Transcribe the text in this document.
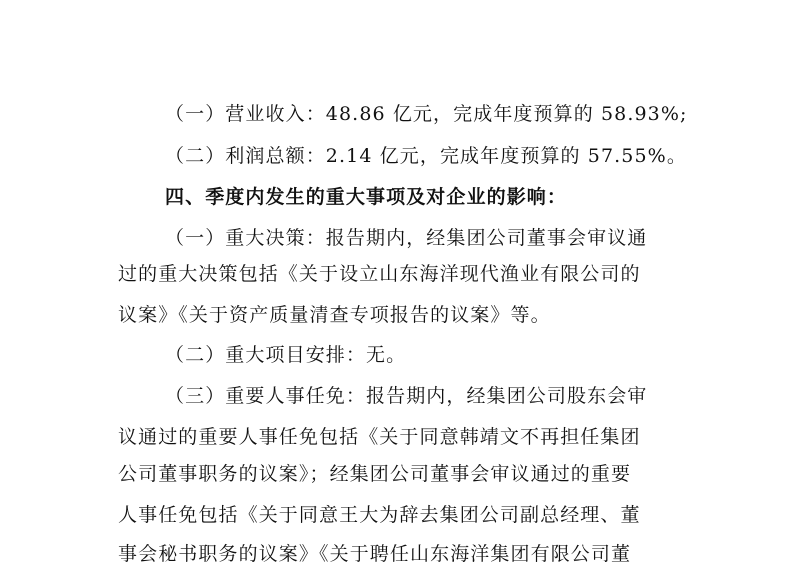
（一）营业收入：48.86 亿元，完成年度预算的 58.93%;
（二）利润总额：2.14 亿元，完成年度预算的 57.55%。
四、季度内发生的重大事项及对企业的影响：
（一）重大决策：报告期内，经集团公司董事会审议通
过的重大决策包括《关于设立山东海洋现代渔业有限公司的
议案》《关于资产质量清查专项报告的议案》等。
（二）重大项目安排：无。
（三）重要人事任免：报告期内，经集团公司股东会审
议通过的重要人事任免包括《关于同意韩靖文不再担任集团
公司董事职务的议案》；经集团公司董事会审议通过的重要
人事任免包括《关于同意王大为辞去集团公司副总经理、董
事会秘书职务的议案》《关于聘任山东海洋集团有限公司董
